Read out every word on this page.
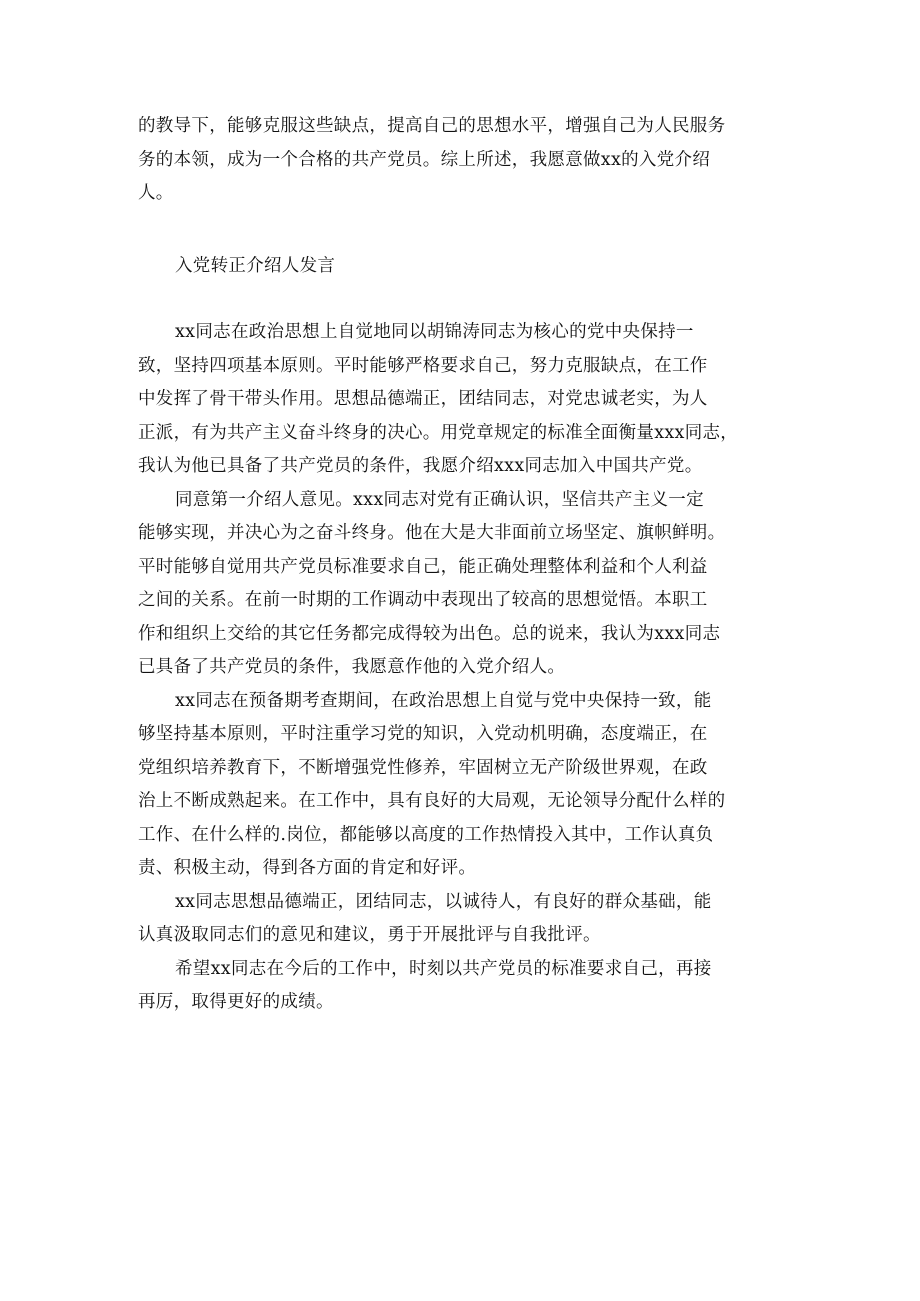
的教导下，能够克服这些缺点，提高自己的思想水平，增强自己为人民服务
务的本领，成为一个合格的共产党员。综上所述，我愿意做xx的入党介绍
人。
入党转正介绍人发言
xx同志在政治思想上自觉地同以胡锦涛同志为核心的党中央保持一
致，坚持四项基本原则。平时能够严格要求自己，努力克服缺点，在工作
中发挥了骨干带头作用。思想品德端正，团结同志，对党忠诚老实，为人
正派，有为共产主义奋斗终身的决心。用党章规定的标准全面衡量xxx同志，
我认为他已具备了共产党员的条件，我愿介绍xxx同志加入中国共产党。
同意第一介绍人意见。xxx同志对党有正确认识，坚信共产主义一定
能够实现，并决心为之奋斗终身。他在大是大非面前立场坚定、旗帜鲜明。
平时能够自觉用共产党员标准要求自己，能正确处理整体利益和个人利益
之间的关系。在前一时期的工作调动中表现出了较高的思想觉悟。本职工
作和组织上交给的其它任务都完成得较为出色。总的说来，我认为xxx同志
已具备了共产党员的条件，我愿意作他的入党介绍人。
xx同志在预备期考查期间，在政治思想上自觉与党中央保持一致，能
够坚持基本原则，平时注重学习党的知识，入党动机明确，态度端正，在
党组织培养教育下，不断增强党性修养，牢固树立无产阶级世界观，在政
治上不断成熟起来。在工作中，具有良好的大局观，无论领导分配什么样的
工作、在什么样的.岗位，都能够以高度的工作热情投入其中，工作认真负
责、积极主动，得到各方面的肯定和好评。
xx同志思想品德端正，团结同志，以诚待人，有良好的群众基础，能
认真汲取同志们的意见和建议，勇于开展批评与自我批评。
希望xx同志在今后的工作中，时刻以共产党员的标准要求自己，再接
再厉，取得更好的成绩。
